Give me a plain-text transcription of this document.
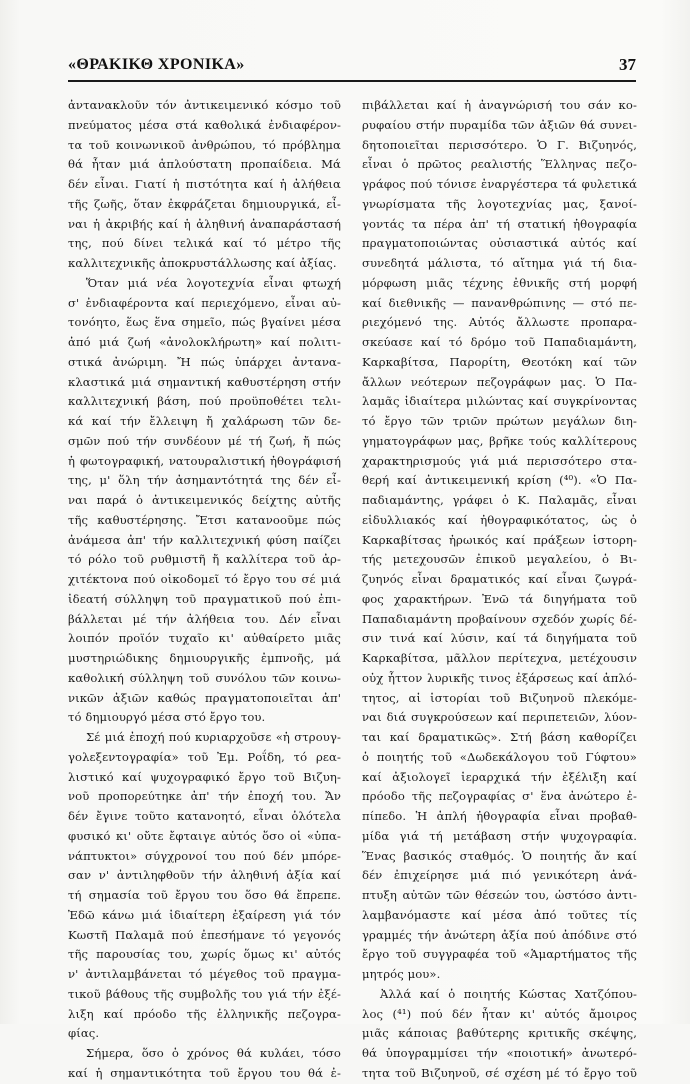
«ΘΡΑΚΙΚΘ ΧΡΟΝΙΚΑ»	37
ἀντανακλοῦν τόν ἀντικειμενικό κόσμο τοῦ
πνεύματος μέσα στά καθολικά ἐνδιαφέρον-
τα τοῦ κοινωνικοῦ ἀνθρώπου, τό πρόβλημα
θά ἦταν μιά ἁπλούστατη προπαίδεια. Μά
δέν εἶναι. Γιατί ἡ πιστότητα καί ἡ ἀλήθεια
τῆς ζωῆς, ὅταν ἐκφράζεται δημιουργικά, εἶ-
ναι ἡ ἀκριβής καί ἡ ἀληθινή ἀναπαράστασή
της, πού δίνει τελικά καί τό μέτρο τῆς
καλλιτεχνικῆς ἀποκρυστάλλωσης καί ἀξίας.
Ὅταν μιά νέα λογοτεχνία εἶναι φτωχή
σ' ἐνδιαφέροντα καί περιεχόμενο, εἶναι αὐ-
τονόητο, ἕως ἕνα σημεῖο, πώς βγαίνει μέσα
ἀπό μιά ζωή «ἀνολοκλήρωτη» καί πολιτι-
στικά ἀνώριμη. Ἤ πώς ὑπάρχει ἀντανα-
κλαστικά μιά σημαντική καθυστέρηση στήν
καλλιτεχνική βάση, πού προϋποθέτει τελι-
κά καί τήν ἔλλειψη ἤ χαλάρωση τῶν δε-
σμῶν πού τήν συνδέουν μέ τή ζωή, ἤ πώς
ἡ φωτογραφική, νατουραλιστική ἠθογράφισή
της, μ' ὅλη τήν ἀσημαντότητά της δέν εἶ-
ναι παρά ὁ ἀντικειμενικός δείχτης αὐτῆς
τῆς καθυστέρησης. Ἔτσι κατανοοῦμε πώς
ἀνάμεσα ἀπ' τήν καλλιτεχνική φύση παίζει
τό ρόλο τοῦ ρυθμιστῆ ἤ καλλίτερα τοῦ ἀρ-
χιτέκτονα πού οἰκοδομεῖ τό ἔργο του σέ μιά
ἰδεατή σύλληψη τοῦ πραγματικοῦ πού ἐπι-
βάλλεται μέ τήν ἀλήθεια του. Δέν εἶναι
λοιπόν προϊόν τυχαῖο κι' αὐθαίρετο μιᾶς
μυστηριώδικης δημιουργικῆς ἐμπνοῆς, μά
καθολική σύλληψη τοῦ συνόλου τῶν κοινω-
νικῶν ἀξιῶν καθώς πραγματοποιεῖται ἀπ'
τό δημιουργό μέσα στό ἔργο του.
Σέ μιά ἐποχή πού κυριαρχοῦσε «ἡ στρουγ-
γολεξεντογραφία» τοῦ Ἐμ. Ροΐδη, τό ρεα-
λιστικό καί ψυχογραφικό ἔργο τοῦ Βιζυη-
νοῦ προπορεύτηκε ἀπ' τήν ἐποχή του. Ἄν
δέν ἔγινε τοῦτο κατανοητό, εἶναι ὁλότελα
φυσικό κι' οὔτε ἔφταιγε αὐτός ὅσο οἱ «ὑπα-
νάπτυκτοι» σύγχρονοί του πού δέν μπόρε-
σαν ν' ἀντιληφθοῦν τήν ἀληθινή ἀξία καί
τή σημασία τοῦ ἔργου του ὅσο θά ἔπρεπε.
Ἐδῶ κάνω μιά ἰδιαίτερη ἐξαίρεση γιά τόν
Κωστῆ Παλαμᾶ πού ἐπεσήμανε τό γεγονός
τῆς παρουσίας του, χωρίς ὅμως κι' αὐτός
ν' ἀντιλαμβάνεται τό μέγεθος τοῦ πραγμα-
τικοῦ βάθους τῆς συμβολῆς του γιά τήν ἐξέ-
λιξη καί πρόοδο τῆς ἑλληνικῆς πεζογρα-
φίας.
Σήμερα, ὅσο ὁ χρόνος θά κυλάει, τόσο
καί ἡ σημαντικότητα τοῦ ἔργου του θά ἐ-
πιβάλλεται καί ἡ ἀναγνώρισή του σάν κο-
ρυφαίου στήν πυραμίδα τῶν ἀξιῶν θά συνει-
δητοποιεῖται περισσότερο. Ὁ Γ. Βιζυηνός,
εἶναι ὁ πρῶτος ρεαλιστής Ἕλληνας πεζο-
γράφος πού τόνισε ἐναργέστερα τά φυλετικά
γνωρίσματα τῆς λογοτεχνίας μας, ξανοί-
γοντάς τα πέρα ἀπ' τή στατική ἠθογραφία
πραγματοποιώντας οὐσιαστικά αὐτός καί
συνεδητά μάλιστα, τό αἴτημα γιά τή δια-
μόρφωση μιᾶς τέχνης ἐθνικῆς στή μορφή
καί διεθνικῆς — πανανθρώπινης — στό πε-
ριεχόμενό της. Αὐτός ἄλλωστε προπαρα-
σκεύασε καί τό δρόμο τοῦ Παπαδιαμάντη,
Καρκαβίτσα, Παρορίτη, Θεοτόκη καί τῶν
ἄλλων νεότερων πεζογράφων μας. Ὁ Πα-
λαμᾶς ἰδιαίτερα μιλώντας καί συγκρίνοντας
τό ἔργο τῶν τριῶν πρώτων μεγάλων διη-
γηματογράφων μας, βρῆκε τούς καλλίτερους
χαρακτηρισμούς γιά μιά περισσότερο στα-
θερή καί ἀντικειμενική κρίση (⁴⁰). «Ὁ Πα-
παδιαμάντης, γράφει ὁ Κ. Παλαμᾶς, εἶναι
εἰδυλλιακός καί ἠθογραφικότατος, ὡς ὁ
Καρκαβίτσας ἡρωικός καί πράξεων ἱστορη-
τής μετεχουσῶν ἐπικοῦ μεγαλείου, ὁ Βι-
ζυηνός εἶναι δραματικός καί εἶναι ζωγρά-
φος χαρακτήρων. Ἐνῶ τά διηγήματα τοῦ
Παπαδιαμάντη προβαίνουν σχεδόν χωρίς δέ-
σιν τινά καί λύσιν, καί τά διηγήματα τοῦ
Καρκαβίτσα, μᾶλλον περίτεχνα, μετέχουσιν
οὐχ ἧττον λυρικῆς τινος ἐξάρσεως καί ἁπλό-
τητος, αἱ ἱστορίαι τοῦ Βιζυηνοῦ πλεκόμε-
ναι διά συγκρούσεων καί περιπετειῶν, λύον-
ται καί δραματικῶς». Στή βάση καθορίζει
ὁ ποιητής τοῦ «Δωδεκάλογου τοῦ Γύφτου»
καί ἀξιολογεῖ ἱεραρχικά τήν ἐξέλιξη καί
πρόοδο τῆς πεζογραφίας σ' ἕνα ἀνώτερο ἐ-
πίπεδο. Ἡ ἁπλή ἠθογραφία εἶναι προβαθ-
μίδα γιά τή μετάβαση στήν ψυχογραφία.
Ἕνας βασικός σταθμός. Ὁ ποιητής ἄν καί
δέν ἐπιχείρησε μιά πιό γενικότερη ἀνά-
πτυξη αὐτῶν τῶν θέσεών του, ὡστόσο ἀντι-
λαμβανόμαστε καί μέσα ἀπό τοῦτες τίς
γραμμές τήν ἀνώτερη ἀξία πού ἀπόδινε στό
ἔργο τοῦ συγγραφέα τοῦ «Ἁμαρτήματος τῆς
μητρός μου».
Ἀλλά καί ὁ ποιητής Κώστας Χατζόπου-
λος (⁴¹) πού δέν ἦταν κι' αὐτός ἄμοιρος
μιᾶς κάποιας βαθύτερης κριτικῆς σκέψης,
θά ὑπογραμμίσει τήν «ποιοτική» ἀνωτερό-
τητα τοῦ Βιζυηνοῦ, σέ σχέση μέ τό ἔργο τοῦ
